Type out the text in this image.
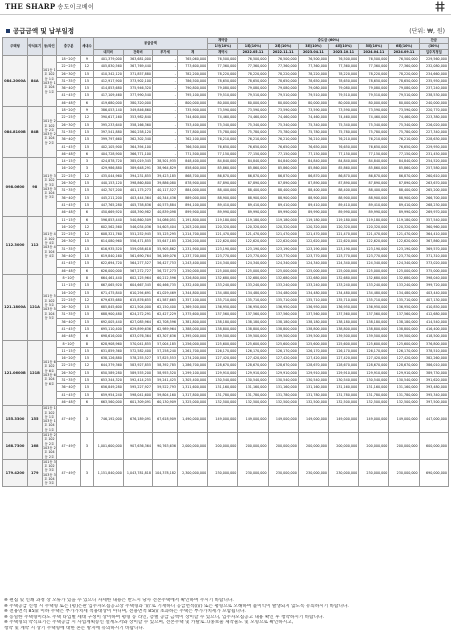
THE SHARP 송도이크베이
공급금액 및 납부일정	(단위: ₩, 원)
주택형	약식표기	동/라인	층구분	세대수	공급금액				계약금	중도금 (60%)						잔금
									1차(10%)	1회(10%)	2회(10%)	3회(10%)	4회(10%)	5회(10%)	6회(10%)	(30%)
					대지비	건축비	부가세	계	계약시	2022.05.11	2022.11.11	2023.04.11	2023.10.11	2024.04.11	2024.09.11	입주지정일
084.2000A	84A	101동 1호 102동 1호 103동 1호 104동 1호	18~20층	9	401,379,000	363,681,000	-	765,060,000	76,500,000	76,500,000	76,500,000	76,500,000	76,500,000	76,500,000	76,500,000	229,560,000
			22~25층	12	405,830,560	367,769,440	-	773,600,000	77,360,000	77,360,000	77,360,000	77,360,000	77,360,000	77,360,000	77,360,000	232,080,000
			26~30층	15	410,342,120	371,857,880	-	782,200,000	78,220,000	78,220,000	78,220,000	78,220,000	78,220,000	78,220,000	78,220,000	234,660,000
			31~35층	15	412,917,900	373,902,100	-	786,500,000	78,650,000	78,650,000	78,650,000	78,650,000	78,650,000	78,650,000	78,650,000	235,950,000
			36~40층	15	414,853,680	375,946,320	-	790,800,000	79,080,000	79,080,000	79,080,000	79,080,000	79,080,000	79,080,000	79,080,000	237,240,000
			41~45층	15	417,109,460	377,990,540	-	795,100,000	79,510,000	79,510,000	79,510,000	79,510,000	79,510,000	79,510,000	79,510,000	238,530,000
			46~48층	6	419,680,000	380,320,000	-	800,000,000	80,000,000	80,000,000	80,000,000	80,000,000	80,000,000	80,000,000	80,000,000	240,000,000
084.8100B	84B	101동 2호 102동 2호 103동 2호 104동 2호	18~20층	9	386,053,140	349,846,860	-	735,900,000	73,590,000	73,590,000	73,590,000	73,590,000	73,590,000	73,590,000	73,590,000	220,770,000
			22~25층	12	390,617,160	353,982,840	-	744,600,000	74,460,000	74,460,000	74,460,000	74,460,000	74,460,000	74,460,000	74,460,000	223,380,000
			26~30층	15	395,233,640	358,166,360	-	753,400,000	75,340,000	75,340,000	75,340,000	75,340,000	75,340,000	75,340,000	75,340,000	226,020,000
			31~35층	15	397,541,880	360,258,120	-	757,800,000	75,780,000	75,780,000	75,780,000	75,780,000	75,780,000	75,780,000	75,780,000	227,340,000
			36~40층	15	399,797,660	362,302,340	-	762,100,000	76,210,000	76,210,000	76,210,000	76,210,000	76,210,000	76,210,000	76,210,000	228,630,000
			41~45층	15	402,105,900	364,394,100	-	766,500,000	76,650,000	76,650,000	76,650,000	76,650,000	76,650,000	76,650,000	76,650,000	229,950,000
			46~48층	6	404,728,900	366,771,100	-	771,500,000	77,150,000	77,150,000	77,150,000	77,150,000	77,150,000	77,150,000	77,150,000	231,450,000
098.0600	98	101동 3호 102동 3호 103동 3호 104동 3호	14~15층	3	424,878,720	385,019,345	38,501,935	848,400,000	84,840,000	84,840,000	84,840,000	84,840,000	84,840,000	84,840,000	84,840,000	254,520,000
			16~20층	3	429,986,880	389,648,291	38,964,829	858,600,000	85,860,000	85,860,000	85,860,000	85,860,000	85,860,000	85,860,000	85,860,000	257,580,000
			22~25층	12	435,044,960	394,231,855	39,423,185	868,700,000	86,870,000	86,870,000	86,870,000	86,870,000	86,870,000	86,870,000	86,870,000	260,610,000
			26~30층	15	440,153,120	398,860,800	39,886,080	878,900,000	87,890,000	87,890,000	87,890,000	87,890,000	87,890,000	87,890,000	87,890,000	263,670,000
			31~35층	15	442,707,200	401,175,273	40,117,527	884,000,000	88,400,000	88,400,000	88,400,000	88,400,000	88,400,000	88,400,000	88,400,000	265,200,000
			36~40층	15	445,211,200	403,444,364	40,344,436	889,000,000	88,900,000	88,900,000	88,900,000	88,900,000	88,900,000	88,900,000	88,900,000	266,700,000
			41~45층	15	447,765,280	405,758,836	40,575,884	894,100,000	89,410,000	89,410,000	89,410,000	89,410,000	89,410,000	89,410,000	89,410,000	268,230,000
			46~48층	6	450,669,920	408,390,982	40,839,098	899,900,000	89,990,000	89,990,000	89,990,000	89,990,000	89,990,000	89,990,000	89,990,000	269,970,000
112.3000	112	101동 4호 102동 4호 103동 4호 104동 4호	11~15층	6	596,853,440	540,860,509	54,086,051	1,191,800,000	119,180,000	119,180,000	119,180,000	119,180,000	119,180,000	119,180,000	119,180,000	357,540,000
			16~20층	12	602,562,560	546,034,036	54,603,404	1,203,200,000	120,320,000	120,320,000	120,320,000	120,320,000	120,320,000	120,320,000	120,320,000	360,960,000
			22~25층	12	608,321,760	551,252,945	55,125,295	1,214,700,000	121,470,000	121,470,000	121,470,000	121,470,000	121,470,000	121,470,000	121,470,000	364,410,000
			26~30층	15	614,080,960	556,471,855	55,647,185	1,226,200,000	122,620,000	122,620,000	122,620,000	122,620,000	122,620,000	122,620,000	122,620,000	367,860,000
			31~35층	15	616,935,520	559,058,618	55,905,862	1,231,900,000	123,190,000	123,190,000	123,190,000	123,190,000	123,190,000	123,190,000	123,190,000	369,570,000
			36~40층	15	619,840,160	561,690,764	56,169,076	1,237,700,000	123,770,000	123,770,000	123,770,000	123,770,000	123,770,000	123,770,000	123,770,000	371,310,000
			41~45층	15	622,694,720	564,277,527	56,427,753	1,243,400,000	124,340,000	124,340,000	124,340,000	124,340,000	124,340,000	124,340,000	124,340,000	373,020,000
			46~48층	6	626,000,000	567,272,727	56,727,273	1,250,000,000	125,000,000	125,000,000	125,000,000	125,000,000	125,000,000	125,000,000	125,000,000	375,000,000
121.1800A	121A	101동 5호 102동 5호 103동 5호 104동 5호	8~10층	8	664,461,440	602,125,964	60,212,596	1,326,800,000	132,680,000	132,680,000	132,680,000	132,680,000	132,680,000	132,680,000	132,680,000	398,040,000
			11~15층	15	667,065,920	604,667,345	60,466,735	1,332,400,000	133,240,000	133,240,000	133,240,000	133,240,000	133,240,000	133,240,000	133,240,000	399,720,000
			16~20층	15	671,475,840	610,294,691	61,029,469	1,344,800,000	134,480,000	134,480,000	134,480,000	134,480,000	134,480,000	134,480,000	134,480,000	403,440,000
			22~25층	12	679,635,680	615,876,655	61,587,665	1,357,100,000	135,710,000	135,710,000	135,710,000	135,710,000	135,710,000	135,710,000	135,710,000	407,130,000
			26~30층	15	685,845,600	621,504,000	62,150,400	1,369,500,000	136,950,000	136,950,000	136,950,000	136,950,000	136,950,000	136,950,000	136,950,000	410,850,000
			31~35층	15	688,900,480	624,272,291	62,427,229	1,375,600,000	137,560,000	137,560,000	137,560,000	137,560,000	137,560,000	137,560,000	137,560,000	412,680,000
			36~40층	15	692,005,440	627,085,964	62,708,596	1,381,800,000	138,180,000	138,180,000	138,180,000	138,180,000	138,180,000	138,180,000	138,180,000	414,540,000
			41~45층	15	695,110,400	629,899,636	62,989,964	1,388,000,000	138,800,000	138,800,000	138,800,000	138,800,000	138,800,000	138,800,000	138,800,000	416,400,000
			46~48층	6	698,616,000	633,076,364	63,307,636	1,395,000,000	139,500,000	139,500,000	139,500,000	139,500,000	139,500,000	139,500,000	139,500,000	418,500,000
121.0600B	121B	101동 6호 102동 6호 103동 6호 104동 6호	8~10층	8	628,908,960	570,041,855	57,004,185	1,256,000,000	125,600,000	125,600,000	125,600,000	125,600,000	125,600,000	125,600,000	125,600,000	376,800,000
			11~15층	15	631,859,360	572,582,400	57,258,240	1,261,700,000	126,170,000	126,170,000	126,170,000	126,170,000	126,170,000	126,170,000	126,170,000	378,510,000
			16~20층	15	638,126,880	578,255,527	57,825,553	1,274,200,000	127,420,000	127,420,000	127,420,000	127,420,000	127,420,000	127,420,000	127,420,000	382,260,000
			22~25층	12	644,379,360	583,927,855	58,392,785	1,286,700,000	128,670,000	128,670,000	128,670,000	128,670,000	128,670,000	128,670,000	128,670,000	386,010,000
			26~30층	15	650,589,280	589,555,200	58,955,520	1,299,100,000	129,910,000	129,910,000	129,910,000	129,910,000	129,910,000	129,910,000	129,910,000	389,730,000
			31~35층	15	653,344,320	592,414,255	59,241,425	1,305,400,000	130,540,000	130,540,000	130,540,000	130,540,000	130,540,000	130,540,000	130,540,000	391,620,000
			36~40층	15	656,849,280	595,227,927	59,522,793	1,311,600,000	131,160,000	131,160,000	131,160,000	131,160,000	131,160,000	131,160,000	131,160,000	393,480,000
			41~45층	15	659,954,240	598,041,600	59,804,160	1,317,800,000	131,780,000	131,780,000	131,780,000	131,780,000	131,780,000	131,780,000	131,780,000	395,340,000
			46~48층	6	663,560,000	601,309,091	60,130,909	1,325,000,000	132,500,000	132,500,000	132,500,000	132,500,000	132,500,000	132,500,000	132,500,000	397,500,000
155.3300	155	101동 1호 102동 1호 103동 1호 104동 1호	47~49층	3	746,192,000	676,189,091	67,618,909	1,490,000,000	149,000,000	149,000,000	149,000,000	149,000,000	149,000,000	149,000,000	149,000,000	447,000,000
168.7300	168	101동 2호 102동 2호 103동 2호 104동 2호	47~49층	3	1,001,600,000	907,636,364	90,763,636	2,000,000,000	200,000,000	200,000,000	200,000,000	200,000,000	200,000,000	200,000,000	200,000,000	600,000,000
179.4200	179	101동 3호 102동 3호 103동 3호 104동 3호	47~49층	3	1,151,840,000	1,043,781,818	104,378,182	2,300,000,000	230,000,000	230,000,000	230,000,000	230,000,000	230,000,000	230,000,000	230,000,000	690,000,000
※ 편집 및 인쇄 과정 상 오류가 있을 수 있으니 자세한 내용은 반드시 당사 견본주택에서 확인하여 주시기 바랍니다.
※ 주택공급 신청 시 주택형 또는 [평]은판 입주자모집공고상 주택형과 '㎡'로 기재하니 공급면적(㎡) 또는 평형으로 오해하여 불이익이 발생되지 않도록 유의하시기 바랍니다.
※ 전용면적 85㎡ 이하 주택은 부가가치세 적용대상이 아니며, 전용면적 85㎡ 초과하는 주택은 부가가치세가 포함됩니다.
※ 동일한 주택형이라도 주택 타입별 세대 구성이 상이하여 평형 동 라인, 층별 공급 금액이 상이할 수 있으니, 입주자모집공고 내용 확인 후 청약하시기 바랍니다.
※ 주택형의 약식표기는 주택공급 시 사업계획승인 설계도서와 상이할 수 있으며, 견본주택 및 카탈로그/홍보물 제작물도 및 모형으로 확인하시고,
청약 및 계약 시 상기 주택형에 대한 혼돈 방지에 유의하시기 바랍니다.
